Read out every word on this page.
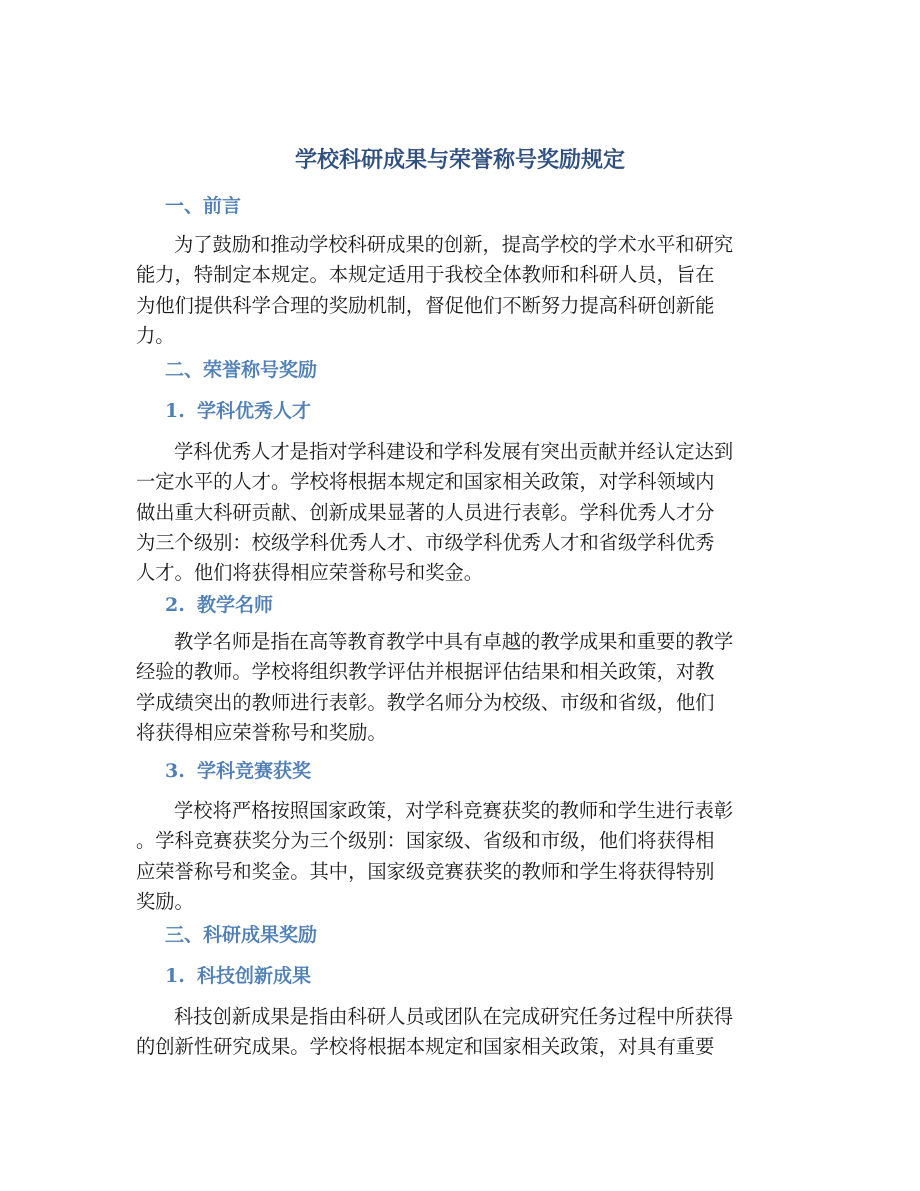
学校科研成果与荣誉称号奖励规定
一、前言
为了鼓励和推动学校科研成果的创新，提高学校的学术水平和研究
能力，特制定本规定。本规定适用于我校全体教师和科研人员，旨在
为他们提供科学合理的奖励机制，督促他们不断努力提高科研创新能
力。
二、荣誉称号奖励
1. 学科优秀人才
学科优秀人才是指对学科建设和学科发展有突出贡献并经认定达到
一定水平的人才。学校将根据本规定和国家相关政策，对学科领域内
做出重大科研贡献、创新成果显著的人员进行表彰。学科优秀人才分
为三个级别：校级学科优秀人才、市级学科优秀人才和省级学科优秀
人才。他们将获得相应荣誉称号和奖金。
2. 教学名师
教学名师是指在高等教育教学中具有卓越的教学成果和重要的教学
经验的教师。学校将组织教学评估并根据评估结果和相关政策，对教
学成绩突出的教师进行表彰。教学名师分为校级、市级和省级，他们
将获得相应荣誉称号和奖励。
3. 学科竞赛获奖
学校将严格按照国家政策，对学科竞赛获奖的教师和学生进行表彰
。学科竞赛获奖分为三个级别：国家级、省级和市级，他们将获得相
应荣誉称号和奖金。其中，国家级竞赛获奖的教师和学生将获得特别
奖励。
三、科研成果奖励
1. 科技创新成果
科技创新成果是指由科研人员或团队在完成研究任务过程中所获得
的创新性研究成果。学校将根据本规定和国家相关政策，对具有重要
